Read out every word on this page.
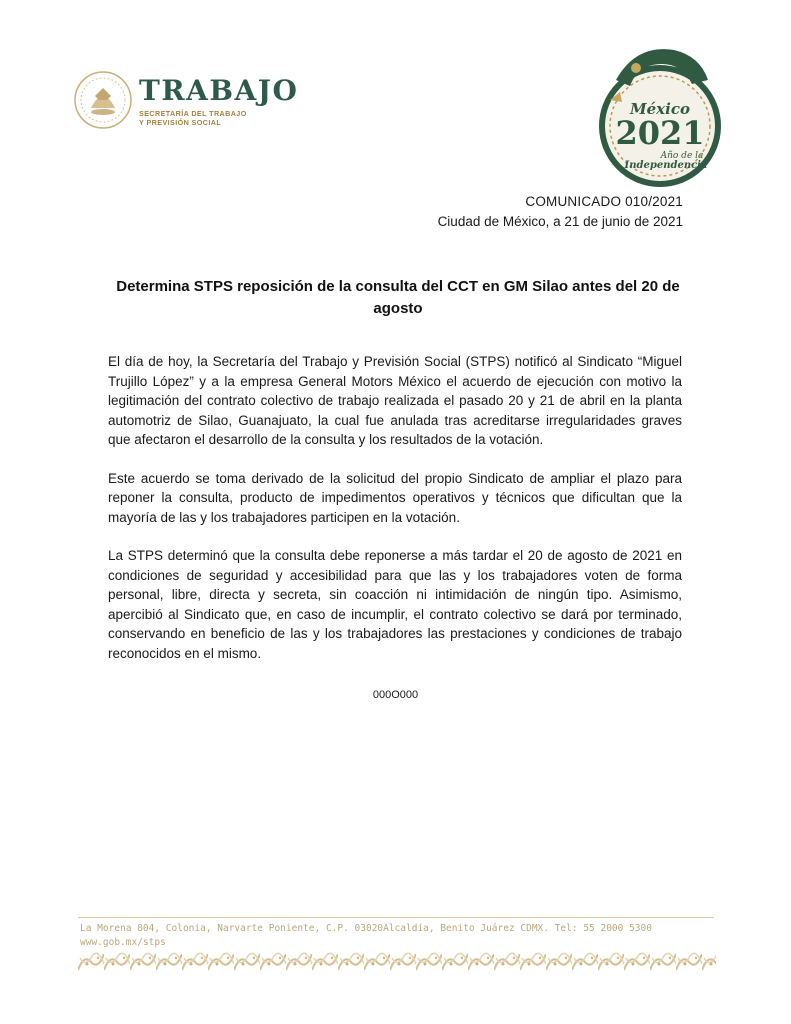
TRABAJO
SECRETARÍA DEL TRABAJO
Y PREVISIÓN SOCIAL
México
2021
Año de la
Independencia
COMUNICADO 010/2021
Ciudad de México, a 21 de junio de 2021
Determina STPS reposición de la consulta del CCT en GM Silao antes del 20 de agosto

El día de hoy, la Secretaría del Trabajo y Previsión Social (STPS) notificó al Sindicato “Miguel Trujillo López” y a la empresa General Motors México el acuerdo de ejecución con motivo la legitimación del contrato colectivo de trabajo realizada el pasado 20 y 21 de abril en la planta automotriz de Silao, Guanajuato, la cual fue anulada tras acreditarse irregularidades graves que afectaron el desarrollo de la consulta y los resultados de la votación.

Este acuerdo se toma derivado de la solicitud del propio Sindicato de ampliar el plazo para reponer la consulta, producto de impedimentos operativos y técnicos que dificultan que la mayoría de las y los trabajadores participen en la votación.

La STPS determinó que la consulta debe reponerse a más tardar el 20 de agosto de 2021 en condiciones de seguridad y accesibilidad para que las y los trabajadores voten de forma personal, libre, directa y secreta, sin coacción ni intimidación de ningún tipo. Asimismo, apercibió al Sindicato que, en caso de incumplir, el contrato colectivo se dará por terminado, conservando en beneficio de las y los trabajadores las prestaciones y condiciones de trabajo reconocidos en el mismo.

000O000
La Morena 804, Colonia, Narvarte Poniente, C.P. 03020Alcaldía, Benito Juárez CDMX. Tel: 55 2000 5300
www.gob.mx/stps
